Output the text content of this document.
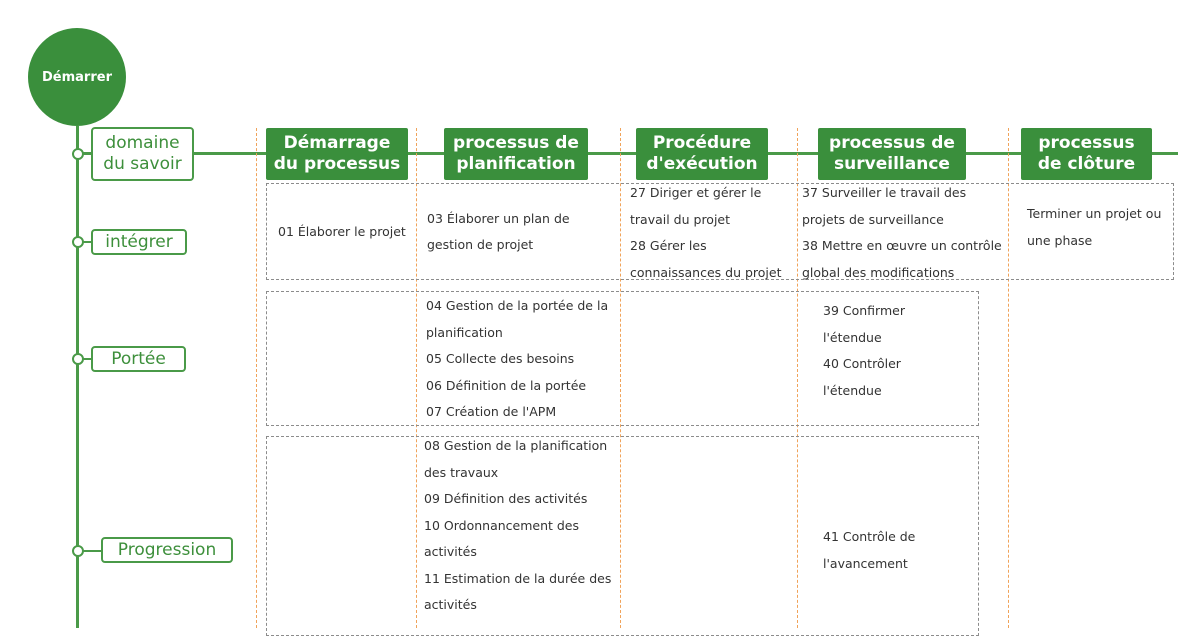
Démarrer
domaine du savoir
intégrer
Portée
Progression
Démarrage du processus
processus de planification
Procédure d'exécution
processus de surveillance
processus de clôture

01 Élaborer le projet

03 Élaborer un plan de gestion de projet

27 Diriger et gérer le travail du projet

28 Gérer les connaissances du projet

37 Surveiller le travail des projets de surveillance

38 Mettre en œuvre un contrôle global des modifications

Terminer un projet ou une phase

04 Gestion de la portée de la planification

05 Collecte des besoins

06 Définition de la portée

07 Création de l'APM

39 Confirmer l'étendue

40 Contrôler l'étendue

08 Gestion de la planification des travaux

09 Définition des activités

10 Ordonnancement des activités

11 Estimation de la durée des activités

41 Contrôle de l'avancement
